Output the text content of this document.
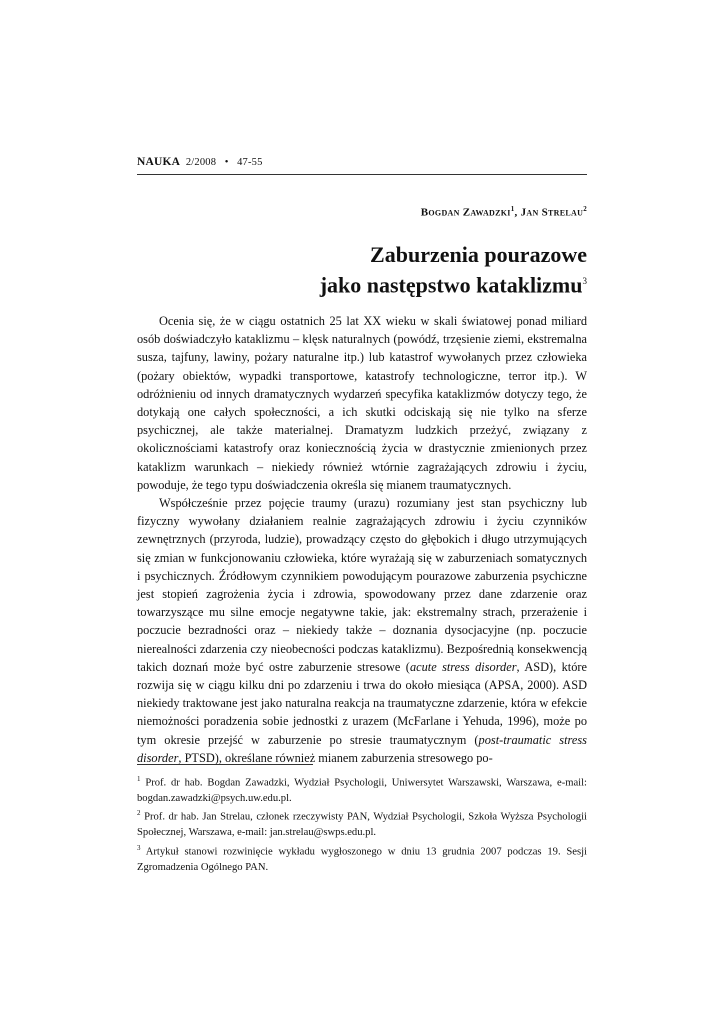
NAUKA 2/2008 • 47-55
Bogdan Zawadzki$^1$, Jan Strelau$^2$
Zaburzenia pourazowe
jako następstwo kataklizmu$^3$

Ocenia się, że w ciągu ostatnich 25 lat XX wieku w skali światowej ponad miliard osób doświadczyło kataklizmu – klęsk naturalnych (powódź, trzęsienie ziemi, ekstremalna susza, tajfuny, lawiny, pożary naturalne itp.) lub katastrof wywołanych przez człowieka (pożary obiektów, wypadki transportowe, katastrofy technologiczne, terror itp.). W odróżnieniu od innych dramatycznych wydarzeń specyfika kataklizmów dotyczy tego, że dotykają one całych społeczności, a ich skutki odciskają się nie tylko na sferze psychicznej, ale także materialnej. Dramatyzm ludzkich przeżyć, związany z okolicznościami katastrofy oraz koniecznością życia w drastycznie zmienionych przez kataklizm warunkach – niekiedy również wtórnie zagrażających zdrowiu i życiu, powoduje, że tego typu doświadczenia określa się mianem traumatycznych.

Współcześnie przez pojęcie traumy (urazu) rozumiany jest stan psychiczny lub fizyczny wywołany działaniem realnie zagrażających zdrowiu i życiu czynników zewnętrznych (przyroda, ludzie), prowadzący często do głębokich i długo utrzymujących się zmian w funkcjonowaniu człowieka, które wyrażają się w zaburzeniach somatycznych i psychicznych. Źródłowym czynnikiem powodującym pourazowe zaburzenia psychiczne jest stopień zagrożenia życia i zdrowia, spowodowany przez dane zdarzenie oraz towarzyszące mu silne emocje negatywne takie, jak: ekstremalny strach, przerażenie i poczucie bezradności oraz – niekiedy także – doznania dysocjacyjne (np. poczucie nierealności zdarzenia czy nieobecności podczas kataklizmu). Bezpośrednią konsekwencją takich doznań może być ostre zaburzenie stresowe (acute stress disorder, ASD), które rozwija się w ciągu kilku dni po zdarzeniu i trwa do około miesiąca (APSA, 2000). ASD niekiedy traktowane jest jako naturalna reakcja na traumatyczne zdarzenie, która w efekcie niemożności poradzenia sobie jednostki z urazem (McFarlane i Yehuda, 1996), może po tym okresie przejść w zaburzenie po stresie traumatycznym (post-traumatic stress disorder, PTSD), określane również mianem zaburzenia stresowego po-

$^1$ Prof. dr hab. Bogdan Zawadzki, Wydział Psychologii, Uniwersytet Warszawski, Warszawa, e-mail: bogdan.zawadzki@psych.uw.edu.pl.

$^2$ Prof. dr hab. Jan Strelau, członek rzeczywisty PAN, Wydział Psychologii, Szkoła Wyższa Psychologii Społecznej, Warszawa, e-mail: jan.strelau@swps.edu.pl.

$^3$ Artykuł stanowi rozwinięcie wykładu wygłoszonego w dniu 13 grudnia 2007 podczas 19. Sesji Zgromadzenia Ogólnego PAN.
